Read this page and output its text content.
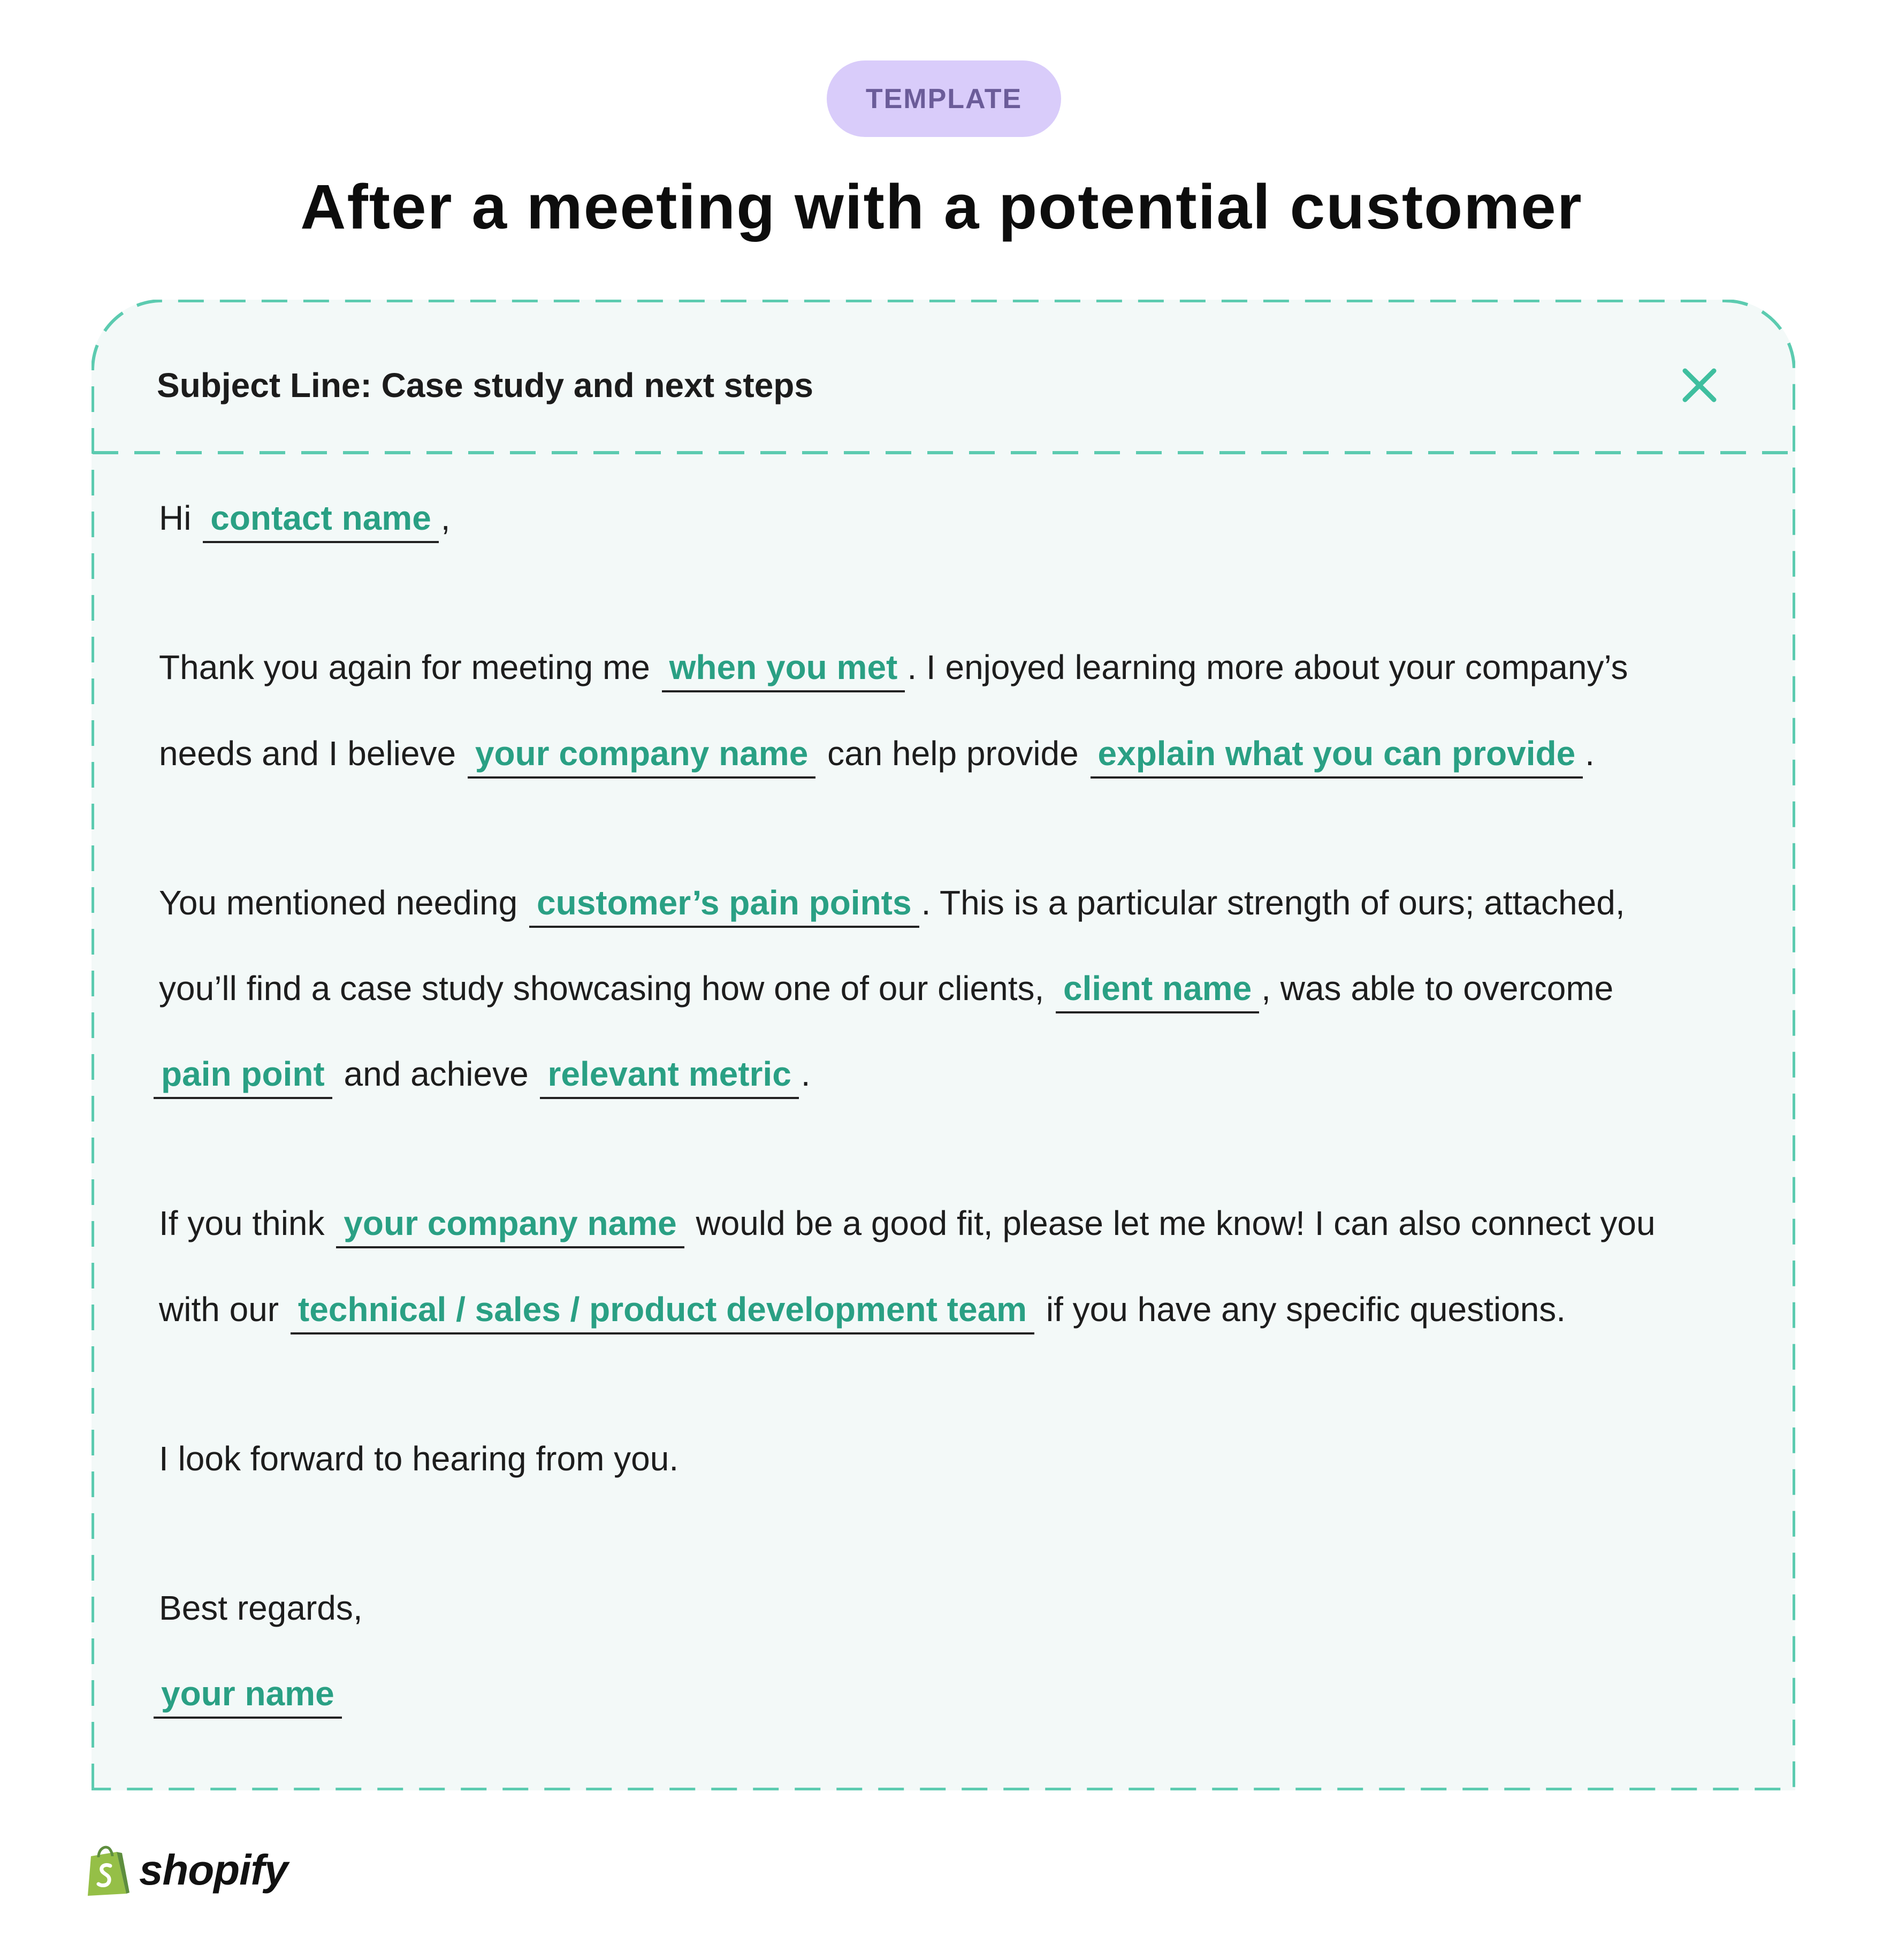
TEMPLATE
After a meeting with a potential customer
Subject Line: Case study and next steps
Hi contact name ,
Thank you again for meeting me when you met . I enjoyed learning more about your company’s
needs and I believe your company name can help provide explain what you can provide .
You mentioned needing customer’s pain points . This is a particular strength of ours; attached,
you’ll find a case study showcasing how one of our clients, client name , was able to overcome
pain point and achieve relevant metric .
If you think your company name would be a good fit, please let me know! I can also connect you
with our technical / sales / product development team if you have any specific questions.
I look forward to hearing from you.
Best regards,
your name
shopify
